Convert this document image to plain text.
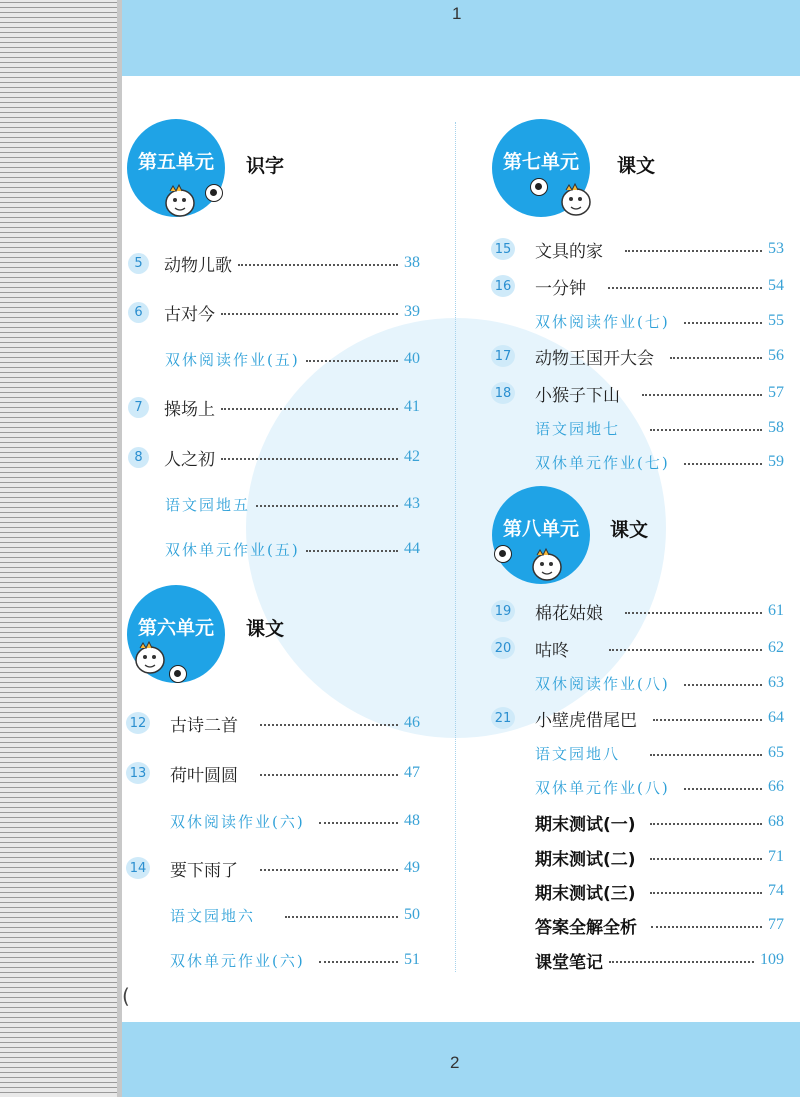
1
2
(
第五单元	识字
5	动物儿歌	38
6	古对今	39
双休阅读作业(五)	40
7	操场上	41
8	人之初	42
语文园地五	43
双休单元作业(五)	44
第六单元	课文
12 古诗二首	46
13 荷叶圆圆	47
双休阅读作业(六)	48
14 要下雨了	49
语文园地六	50
双休单元作业(六)	51
第七单元	课文
15 文具的家	53
16 一分钟	54
双休阅读作业(七)	55
17 动物王国开大会	56
18 小猴子下山	57
语文园地七	58
双休单元作业(七)	59
第八单元	课文
19 棉花姑娘	61
20 咕咚	62
双休阅读作业(八)	63
21 小壁虎借尾巴	64
语文园地八	65
双休单元作业(八)	66
期末测试(一)	68
期末测试(二)	71
期末测试(三)	74
答案全解全析	77
课堂笔记	109
